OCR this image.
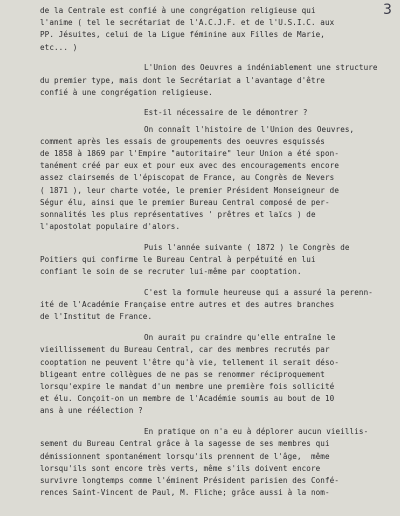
3
de la Centrale est confié à une congrégation religieuse qui
l'anime ( tel le secrétariat de l'A.C.J.F. et de l'U.S.I.C. aux
PP. Jésuites, celui de la Ligue féminine aux Filles de Marie,
etc... )
L'Union des Oeuvres a indéniablement une structure
du premier type, mais dont le Secrétariat a l'avantage d'être
confié à une congrégation religieuse.
Est-il nécessaire de le démontrer ?
On connaît l'histoire de l'Union des Oeuvres,
comment après les essais de groupements des oeuvres esquissés
de 1858 à 1869 par l'Empire "autoritaire" leur Union a été spon-
tanément créé par eux et pour eux avec des encouragements encore
assez clairsemés de l'épiscopat de France, au Congrès de Nevers
( 1871 ), leur charte votée, le premier Président Monseigneur de
Ségur élu, ainsi que le premier Bureau Central composé de per-
sonnalités les plus représentatives ' prêtres et laïcs ) de
l'apostolat populaire d'alors.
Puis l'année suivante ( 1872 ) le Congrès de
Poitiers qui confirme le Bureau Central à perpétuité en lui
confiant le soin de se recruter lui-même par cooptation.
C'est la formule heureuse qui a assuré la perenn-
ité de l'Académie Française entre autres et des autres branches
de l'Institut de France.
On aurait pu craindre qu'elle entraîne le
vieillissement du Bureau Central, car des membres recrutés par
cooptation ne peuvent l'être qu'à vie, tellement il serait déso-
bligeant entre collègues de ne pas se renommer réciproquement
lorsqu'expire le mandat d'un membre une première fois sollicité
et élu. Conçoit-on un membre de l'Académie soumis au bout de 10
ans à une réélection ?
En pratique on n'a eu à déplorer aucun vieillis-
sement du Bureau Central grâce à la sagesse de ses membres qui
démissionnent spontanément lorsqu'ils prennent de l'âge,  même
lorsqu'ils sont encore très verts, même s'ils doivent encore
survivre longtemps comme l'éminent Président parisien des Confé-
rences Saint-Vincent de Paul, M. Fliche; grâce aussi à la nom-
